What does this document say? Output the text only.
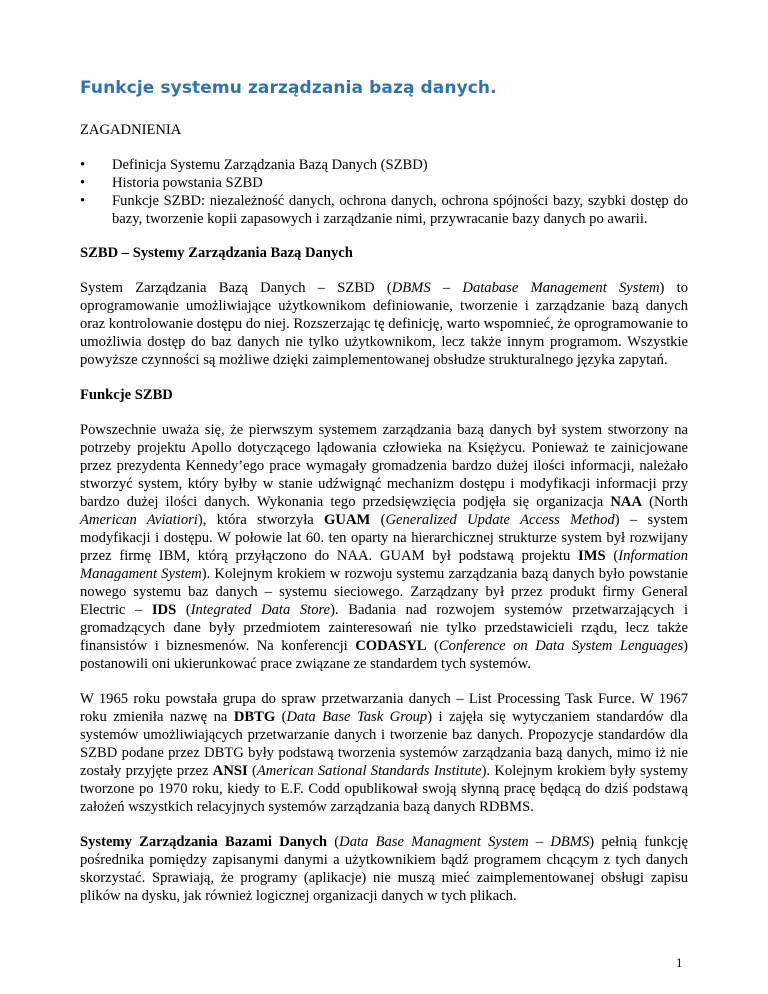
Funkcje systemu zarządzania bazą danych.

ZAGADNIENIA

• Definicja Systemu Zarządzania Bazą Danych (SZBD)
• Historia powstania SZBD
• Funkcje SZBD: niezależność danych, ochrona danych, ochrona spójności bazy, szybki dostęp do bazy, tworzenie kopii zapasowych i zarządzanie nimi, przywracanie bazy danych po awarii.

SZBD – Systemy Zarządzania Bazą Danych

System Zarządzania Bazą Danych – SZBD (DBMS – Database Management System) to oprogramowanie umożliwiające użytkownikom definiowanie, tworzenie i zarządzanie bazą danych oraz kontrolowanie dostępu do niej. Rozszerzając tę definicję, warto wspomnieć, że oprogramowanie to umożliwia dostęp do baz danych nie tylko użytkownikom, lecz także innym programom. Wszystkie powyższe czynności są możliwe dzięki zaimplementowanej obsłudze strukturalnego języka zapytań.

Funkcje SZBD

Powszechnie uważa się, że pierwszym systemem zarządzania bazą danych był system stworzony na potrzeby projektu Apollo dotyczącego lądowania człowieka na Księżycu. Ponieważ te zainicjowane przez prezydenta Kennedy’ego prace wymagały gromadzenia bardzo dużej ilości informacji, należało stworzyć system, który byłby w stanie udźwignąć mechanizm dostępu i modyfikacji informacji przy bardzo dużej ilości danych. Wykonania tego przedsięwzięcia podjęła się organizacja NAA (North American Aviatiori), która stworzyła GUAM (Generalized Update Access Method) – system modyfikacji i dostępu. W połowie lat 60. ten oparty na hierarchicznej strukturze system był rozwijany przez firmę IBM, którą przyłączono do NAA. GUAM był podstawą projektu IMS (Information Managament System). Kolejnym krokiem w rozwoju systemu zarządzania bazą danych było powstanie nowego systemu baz danych – systemu sieciowego. Zarządzany był przez produkt firmy General Electric – IDS (Integrated Data Store). Badania nad rozwojem systemów przetwarzających i gromadzących dane były przedmiotem zainteresowań nie tylko przedstawicieli rządu, lecz także finansistów i biznesmenów. Na konferencji CODASYL (Conference on Data System Lenguages) postanowili oni ukierunkować prace związane ze standardem tych systemów.

W 1965 roku powstała grupa do spraw przetwarzania danych – List Processing Task Furce. W 1967 roku zmieniła nazwę na DBTG (Data Base Task Group) i zajęła się wytyczaniem standardów dla systemów umożliwiających przetwarzanie danych i tworzenie baz danych. Propozycje standardów dla SZBD podane przez DBTG były podstawą tworzenia systemów zarządzania bazą danych, mimo iż nie zostały przyjęte przez ANSI (American Sational Standards Institute). Kolejnym krokiem były systemy tworzone po 1970 roku, kiedy to E.F. Codd opublikował swoją słynną pracę będącą do dziś podstawą założeń wszystkich relacyjnych systemów zarządzania bazą danych RDBMS.

Systemy Zarządzania Bazami Danych (Data Base Managment System – DBMS) pełnią funkcję pośrednika pomiędzy zapisanymi danymi a użytkownikiem bądź programem chcącym z tych danych skorzystać. Sprawiają, że programy (aplikacje) nie muszą mieć zaimplementowanej obsługi zapisu plików na dysku, jak również logicznej organizacji danych w tych plikach.

1
